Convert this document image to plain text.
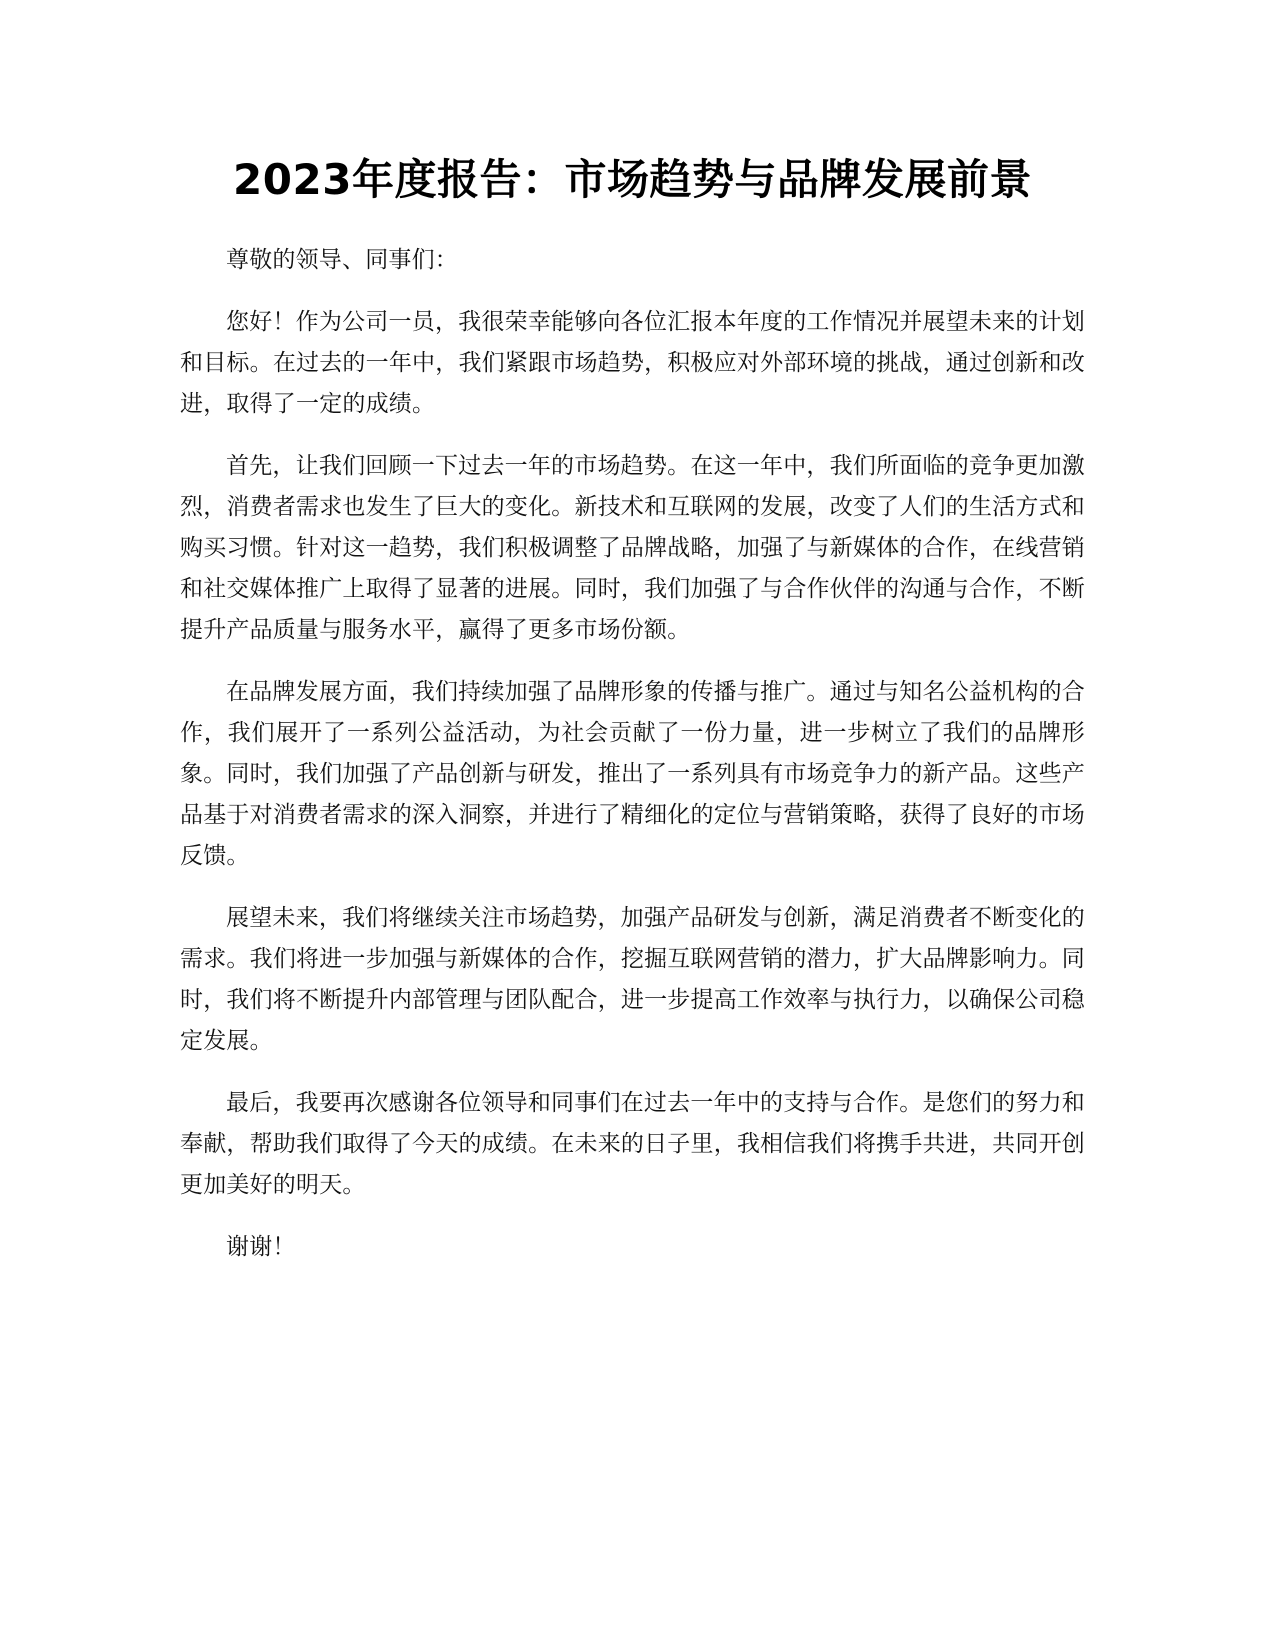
2023年度报告：市场趋势与品牌发展前景

尊敬的领导、同事们：

您好！作为公司一员，我很荣幸能够向各位汇报本年度的工作情况并展望未来的计划和目标。在过去的一年中，我们紧跟市场趋势，积极应对外部环境的挑战，通过创新和改进，取得了一定的成绩。

首先，让我们回顾一下过去一年的市场趋势。在这一年中，我们所面临的竞争更加激烈，消费者需求也发生了巨大的变化。新技术和互联网的发展，改变了人们的生活方式和购买习惯。针对这一趋势，我们积极调整了品牌战略，加强了与新媒体的合作，在线营销和社交媒体推广上取得了显著的进展。同时，我们加强了与合作伙伴的沟通与合作，不断提升产品质量与服务水平，赢得了更多市场份额。

在品牌发展方面，我们持续加强了品牌形象的传播与推广。通过与知名公益机构的合作，我们展开了一系列公益活动，为社会贡献了一份力量，进一步树立了我们的品牌形象。同时，我们加强了产品创新与研发，推出了一系列具有市场竞争力的新产品。这些产品基于对消费者需求的深入洞察，并进行了精细化的定位与营销策略，获得了良好的市场反馈。

展望未来，我们将继续关注市场趋势，加强产品研发与创新，满足消费者不断变化的需求。我们将进一步加强与新媒体的合作，挖掘互联网营销的潜力，扩大品牌影响力。同时，我们将不断提升内部管理与团队配合，进一步提高工作效率与执行力，以确保公司稳定发展。

最后，我要再次感谢各位领导和同事们在过去一年中的支持与合作。是您们的努力和奉献，帮助我们取得了今天的成绩。在未来的日子里，我相信我们将携手共进，共同开创更加美好的明天。

谢谢！
